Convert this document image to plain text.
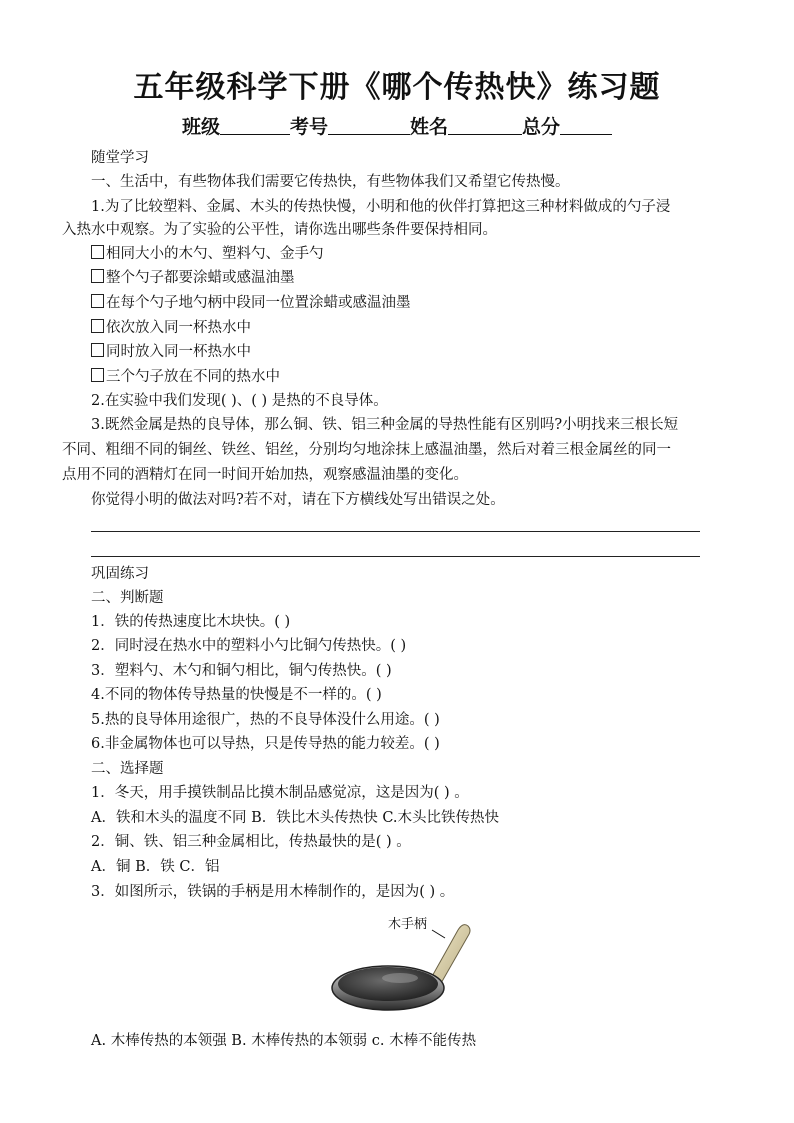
五年级科学下册《哪个传热快》练习题
班级	考号	姓名	总分
随堂学习
一、生活中，有些物体我们需要它传热快，有些物体我们又希望它传热慢。
1.为了比较塑料、金属、木头的传热快慢，小明和他的伙伴打算把这三种材料做成的勺子浸
入热水中观察。为了实验的公平性，请你选出哪些条件要保持相同。
相同大小的木勺、塑料勺、金手勺
整个勺子都要涂蜡或感温油墨
在每个勺子地勺柄中段同一位置涂蜡或感温油墨
依次放入同一杯热水中
同时放入同一杯热水中
三个勺子放在不同的热水中
2.在实验中我们发现( )、( ) 是热的不良导体。
3.既然金属是热的良导体，那么铜、铁、铝三种金属的导热性能有区别吗?小明找来三根长短
不同、粗细不同的铜丝、铁丝、铝丝，分别均匀地涂抹上感温油墨，然后对着三根金属丝的同一
点用不同的酒精灯在同一时间开始加热，观察感温油墨的变化。
你觉得小明的做法对吗?若不对，请在下方横线处写出错误之处。
巩固练习
二、判断题
1．铁的传热速度比木块快。( )
2．同时浸在热水中的塑料小勺比铜勺传热快。( )
3．塑料勺、木勺和铜勺相比，铜勺传热快。( )
4.不同的物体传导热量的快慢是不一样的。( )
5.热的良导体用途很广，热的不良导体没什么用途。( )
6.非金属物体也可以导热，只是传导热的能力较差。( )
二、选择题
1．冬天，用手摸铁制品比摸木制品感觉凉，这是因为( ) 。
A．铁和木头的温度不同 B．铁比木头传热快 C.木头比铁传热快
2．铜、铁、铝三种金属相比，传热最快的是( ) 。
A．铜 B．铁 C．铝
3．如图所示，铁锅的手柄是用木棒制作的，是因为( ) 。
木手柄
A. 木棒传热的本领强 B. 木棒传热的本领弱 c. 木棒不能传热
